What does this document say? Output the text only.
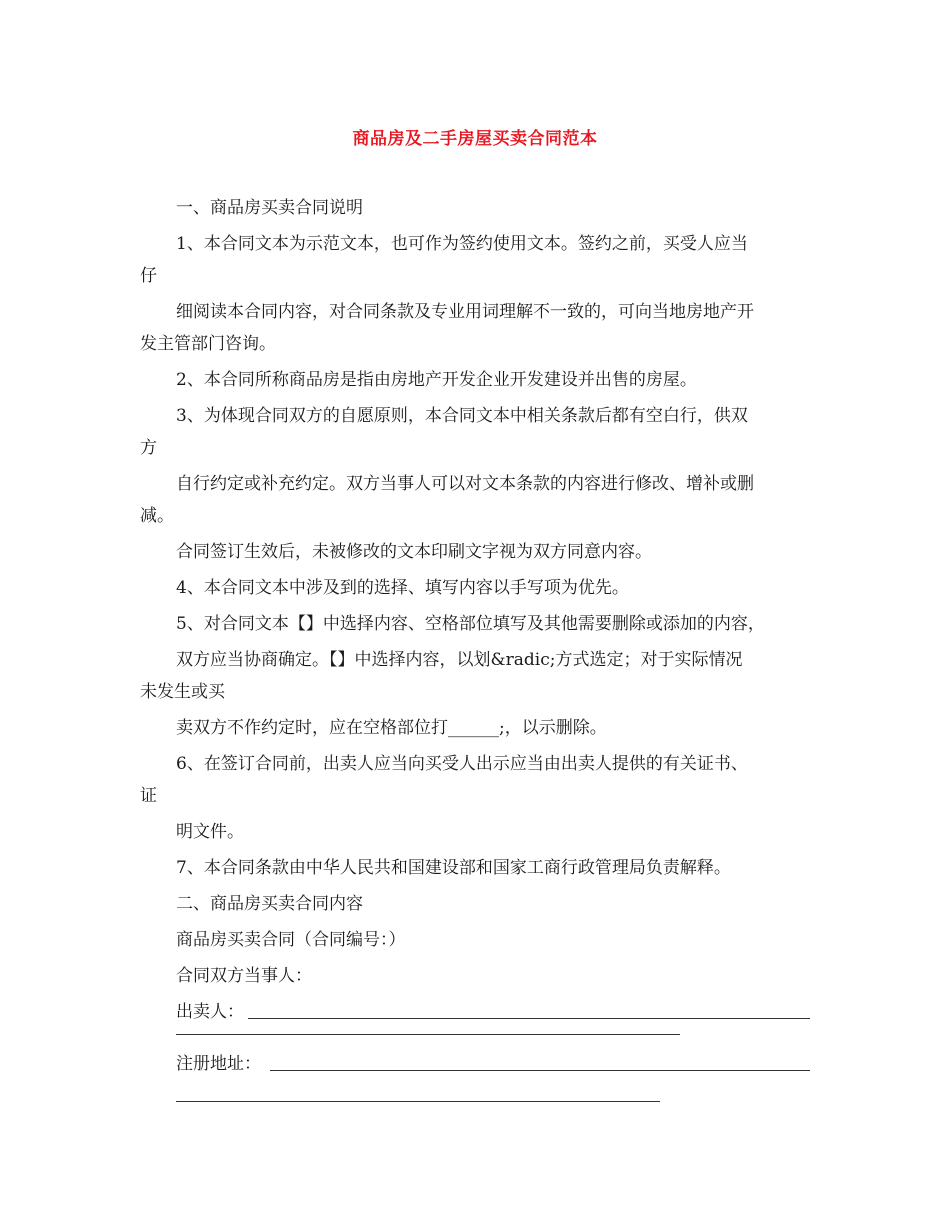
商品房及二手房屋买卖合同范本
一、商品房买卖合同说明
1、本合同文本为示范文本，也可作为签约使用文本。签约之前，买受人应当
仔
细阅读本合同内容，对合同条款及专业用词理解不一致的，可向当地房地产开
发主管部门咨询。
2、本合同所称商品房是指由房地产开发企业开发建设并出售的房屋。
3、为体现合同双方的自愿原则，本合同文本中相关条款后都有空白行，供双
方
自行约定或补充约定。双方当事人可以对文本条款的内容进行修改、增补或删
减。
合同签订生效后，未被修改的文本印刷文字视为双方同意内容。
4、本合同文本中涉及到的选择、填写内容以手写项为优先。
5、对合同文本【】中选择内容、空格部位填写及其他需要删除或添加的内容，
双方应当协商确定。【】中选择内容，以划&radic;方式选定；对于实际情况
未发生或买
卖双方不作约定时，应在空格部位打______;，以示删除。
6、在签订合同前，出卖人应当向买受人出示应当由出卖人提供的有关证书、
证
明文件。
7、本合同条款由中华人民共和国建设部和国家工商行政管理局负责解释。
二、商品房买卖合同内容
商品房买卖合同（合同编号：）
合同双方当事人：
出卖人：
注册地址：
